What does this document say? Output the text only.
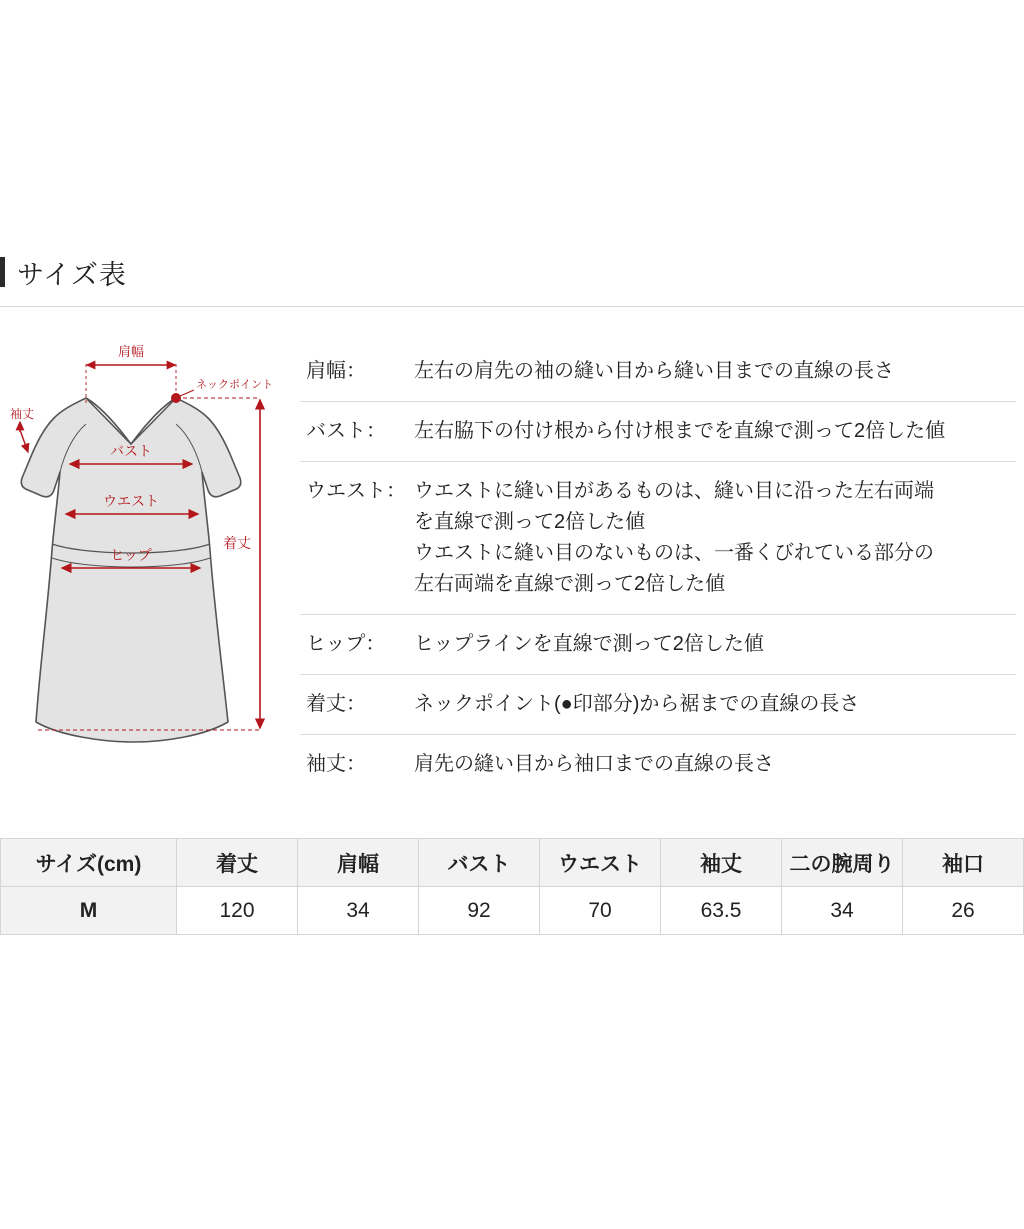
サイズ表
肩幅
ネックポイント
袖丈
バスト
ウエスト
ヒップ
着丈
肩幅：	左右の肩先の袖の縫い目から縫い目までの直線の長さ
バスト：	左右脇下の付け根から付け根までを直線で測って2倍した値
ウエスト： ウエストに縫い目があるものは、縫い目に沿った左右両端
を直線で測って2倍した値
ウエストに縫い目のないものは、一番くびれている部分の
左右両端を直線で測って2倍した値
ヒップ：	ヒップラインを直線で測って2倍した値
着丈：	ネックポイント(●印部分)から裾までの直線の長さ
袖丈：	肩先の縫い目から袖口までの直線の長さ
サイズ(cm)	着丈	肩幅	バスト	ウエスト	袖丈	二の腕周り	袖口
M	120	34	92	70	63.5	34	26
